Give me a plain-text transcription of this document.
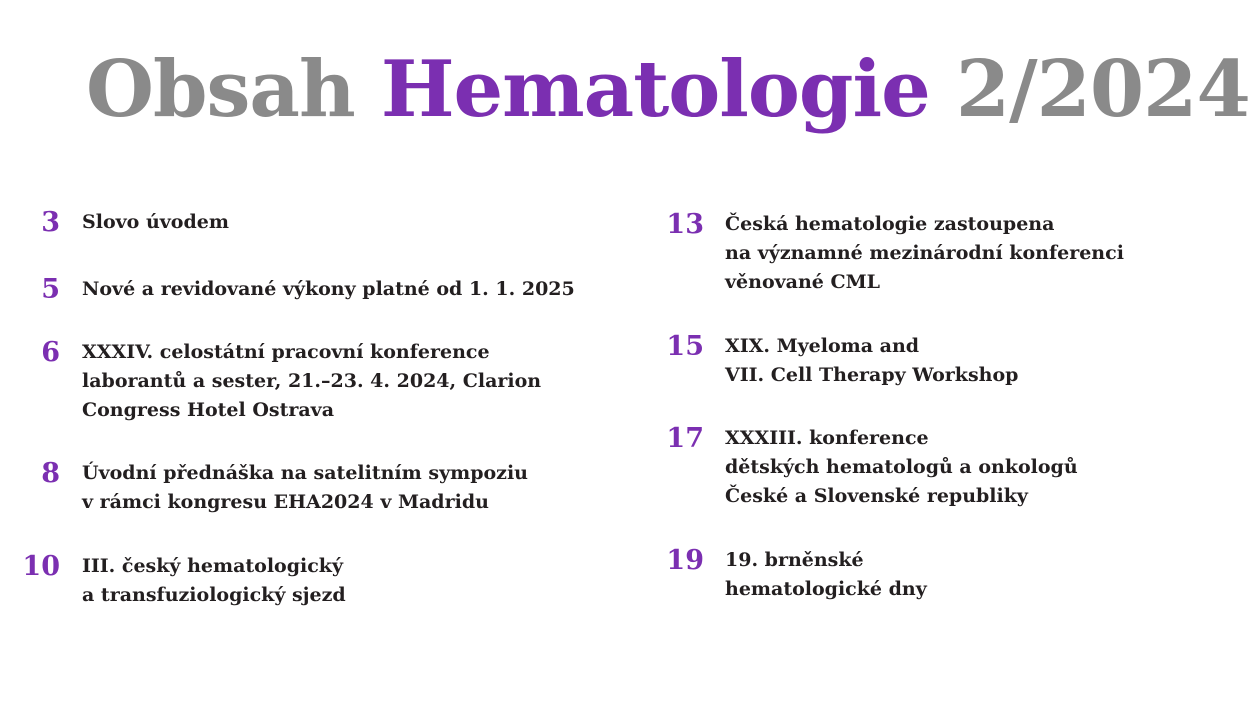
Obsah Hematologie 2/2024
3 Slovo úvodem
5 Nové a revidované výkony platné od 1. 1. 2025
6 XXXIV. celostátní pracovní konference
laborantů a sester, 21.–23. 4. 2024, Clarion
Congress Hotel Ostrava
8 Úvodní přednáška na satelitním sympoziu
v rámci kongresu EHA2024 v Madridu
10 III. český hematologický
a transfuziologický sjezd
13 Česká hematologie zastoupena
na významné mezinárodní konferenci
věnované CML
15 XIX. Myeloma and
VII. Cell Therapy Workshop
17 XXXIII. konference
dětských hematologů a onkologů
České a Slovenské republiky
19 19. brněnské
hematologické dny
